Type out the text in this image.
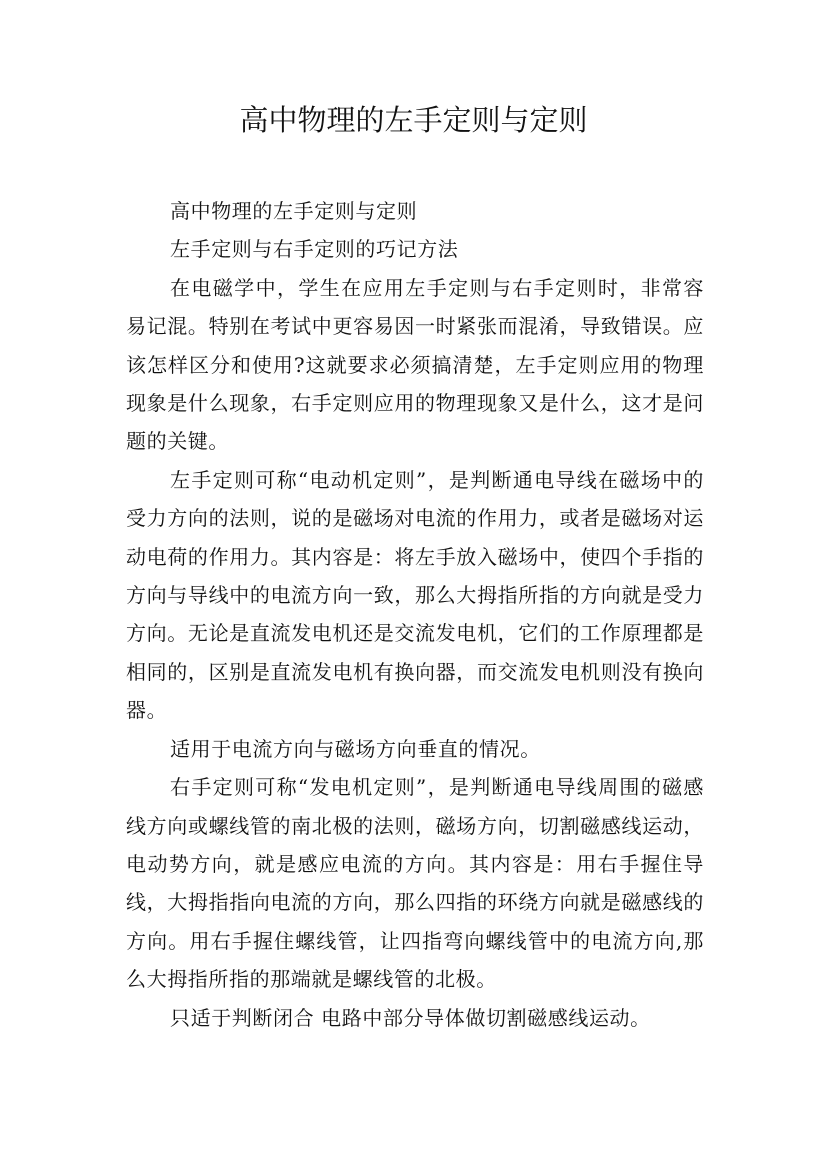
高中物理的左手定则与定则

高中物理的左手定则与定则

左手定则与右手定则的巧记方法

在电磁学中，学生在应用左手定则与右手定则时，非常容易记混。特别在考试中更容易因一时紧张而混淆，导致错误。应该怎样区分和使用?这就要求必须搞清楚，左手定则应用的物理现象是什么现象，右手定则应用的物理现象又是什么，这才是问题的关键。

左手定则可称“电动机定则”，是判断通电导线在磁场中的受力方向的法则，说的是磁场对电流的作用力，或者是磁场对运动电荷的作用力。其内容是：将左手放入磁场中，使四个手指的方向与导线中的电流方向一致，那么大拇指所指的方向就是受力方向。无论是直流发电机还是交流发电机，它们的工作原理都是相同的，区别是直流发电机有换向器，而交流发电机则没有换向器。

适用于电流方向与磁场方向垂直的情况。

右手定则可称“发电机定则”，是判断通电导线周围的磁感线方向或螺线管的南北极的法则，磁场方向，切割磁感线运动，电动势方向，就是感应电流的方向。其内容是：用右手握住导线，大拇指指向电流的方向，那么四指的环绕方向就是磁感线的方向。用右手握住螺线管，让四指弯向螺线管中的电流方向,那么大拇指所指的那端就是螺线管的北极。

只适于判断闭合 电路中部分导体做切割磁感线运动。
